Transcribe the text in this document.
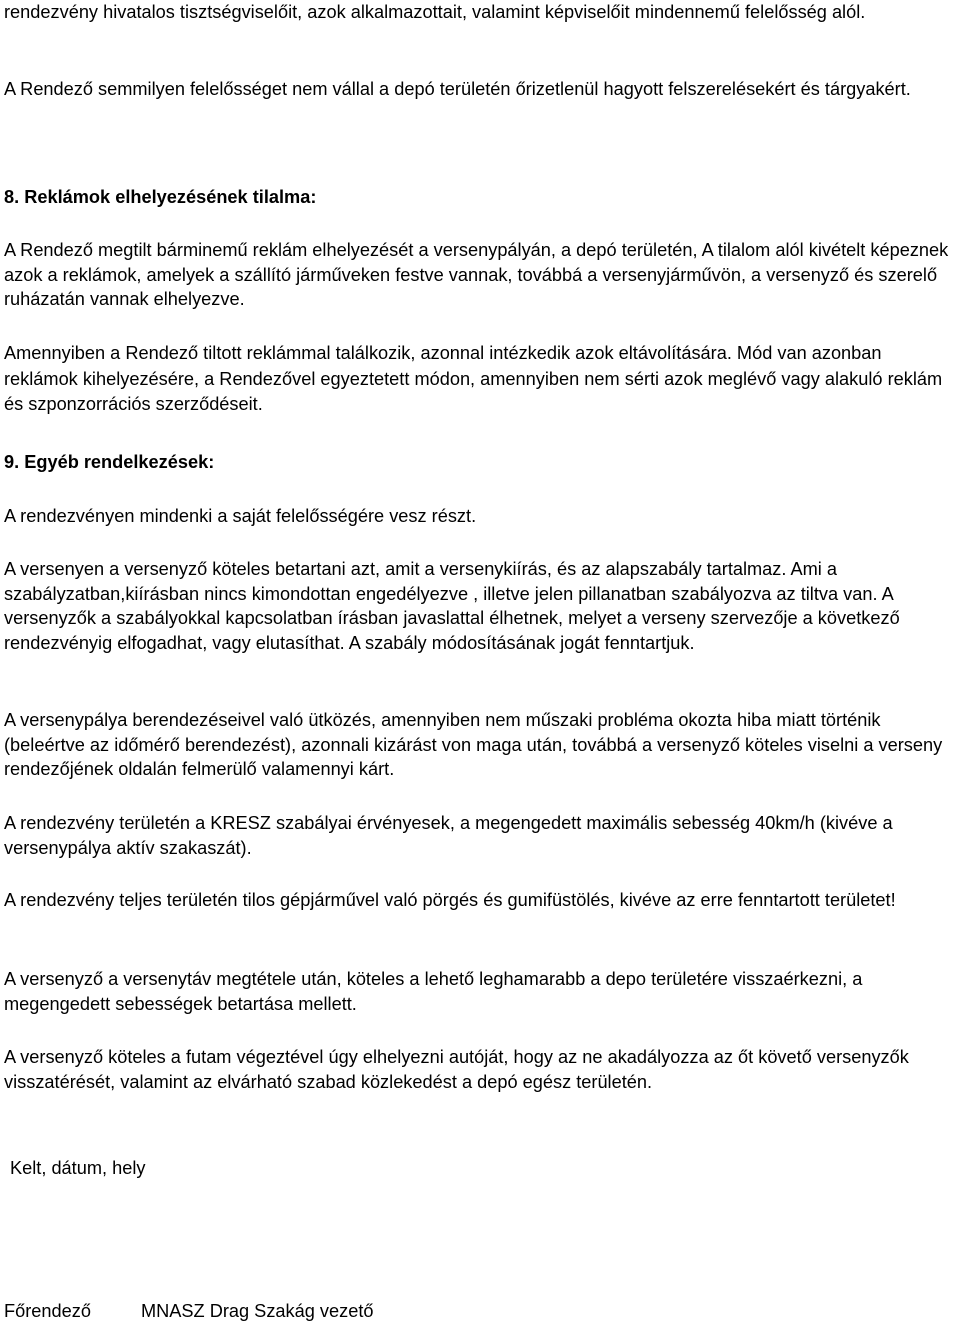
rendezvény hivatalos tisztségviselőit, azok alkalmazottait, valamint képviselőit mindennemű felelősség alól.

A Rendező semmilyen felelősséget nem vállal a depó területén őrizetlenül hagyott felszerelésekért és tárgyakért.

8. Reklámok elhelyezésének tilalma:

A Rendező megtilt bárminemű reklám elhelyezését a versenypályán, a depó területén, A tilalom alól kivételt képeznek azok a reklámok, amelyek a szállító járműveken festve vannak, továbbá a versenyjárművön, a versenyző és szerelő ruházatán vannak elhelyezve.

Amennyiben a Rendező tiltott reklámmal találkozik, azonnal intézkedik azok eltávolítására. Mód van azonban reklámok kihelyezésére, a Rendezővel egyeztetett módon, amennyiben nem sérti azok meglévő vagy alakuló reklám és szponzorrációs szerződéseit.

9. Egyéb rendelkezések:

A rendezvényen mindenki a saját felelősségére vesz részt.

A versenyen a versenyző köteles betartani azt, amit a versenykiírás, és az alapszabály tartalmaz. Ami a szabályzatban,kiírásban nincs kimondottan engedélyezve , illetve jelen pillanatban szabályozva az tiltva van. A versenyzők a szabályokkal kapcsolatban írásban javaslattal élhetnek, melyet a verseny szervezője a következő rendezvényig elfogadhat, vagy elutasíthat. A szabály módosításának jogát fenntartjuk.

A versenypálya berendezéseivel való ütközés, amennyiben nem műszaki probléma okozta hiba miatt történik (beleértve az időmérő berendezést), azonnali kizárást von maga után, továbbá a versenyző köteles viselni a verseny rendezőjének oldalán felmerülő valamennyi kárt.

A rendezvény területén a KRESZ szabályai érvényesek, a megengedett maximális sebesség 40km/h (kivéve a versenypálya aktív szakaszát).

A rendezvény teljes területén tilos gépjárművel való pörgés és gumifüstölés, kivéve az erre fenntartott területet!

A versenyző a versenytáv megtétele után, köteles a lehető leghamarabb a depo területére visszaérkezni, a megengedett sebességek betartása mellett.

A versenyző köteles a futam végeztével úgy elhelyezni autóját, hogy az ne akadályozza az őt követő versenyzők visszatérését, valamint az elvárható szabad közlekedést a depó egész területén.

Kelt, dátum, hely

Főrendező	MNASZ Drag Szakág vezető
